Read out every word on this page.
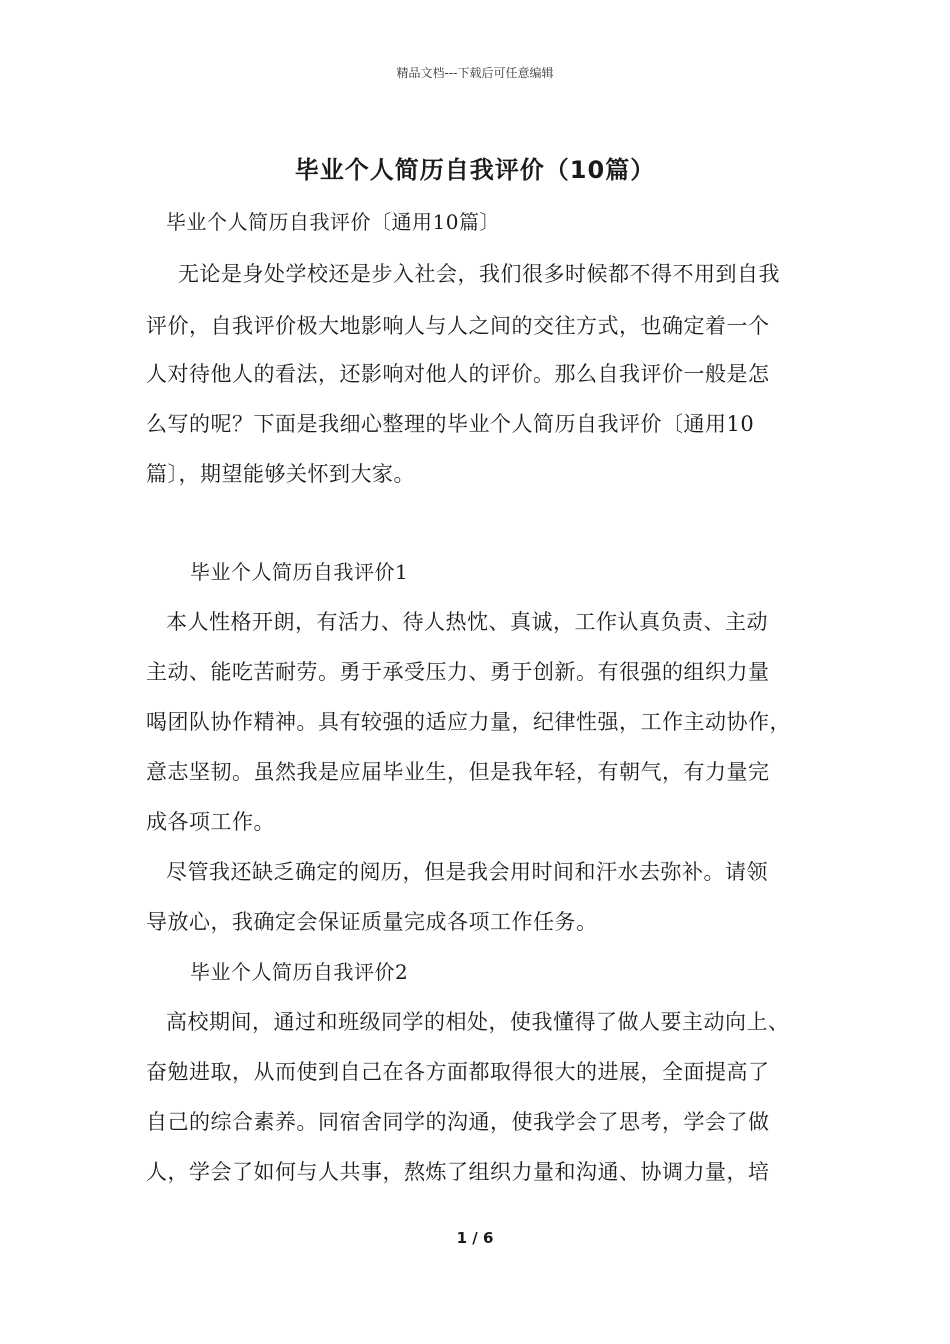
精品文档---下载后可任意编辑
毕业个人简历自我评价（10篇）
毕业个人简历自我评价〔通用10篇〕
无论是身处学校还是步入社会，我们很多时候都不得不用到自我
评价，自我评价极大地影响人与人之间的交往方式，也确定着一个
人对待他人的看法，还影响对他人的评价。那么自我评价一般是怎
么写的呢？下面是我细心整理的毕业个人简历自我评价〔通用10
篇〕，期望能够关怀到大家。
毕业个人简历自我评价1
本人性格开朗，有活力、待人热忱、真诚，工作认真负责、主动
主动、能吃苦耐劳。勇于承受压力、勇于创新。有很强的组织力量
喝团队协作精神。具有较强的适应力量，纪律性强，工作主动协作，
意志坚韧。虽然我是应届毕业生，但是我年轻，有朝气，有力量完
成各项工作。
尽管我还缺乏确定的阅历，但是我会用时间和汗水去弥补。请领
导放心，我确定会保证质量完成各项工作任务。
毕业个人简历自我评价2
高校期间，通过和班级同学的相处，使我懂得了做人要主动向上、
奋勉进取，从而使到自己在各方面都取得很大的进展，全面提高了
自己的综合素养。同宿舍同学的沟通，使我学会了思考，学会了做
人，学会了如何与人共事，熬炼了组织力量和沟通、协调力量，培
1 / 6
